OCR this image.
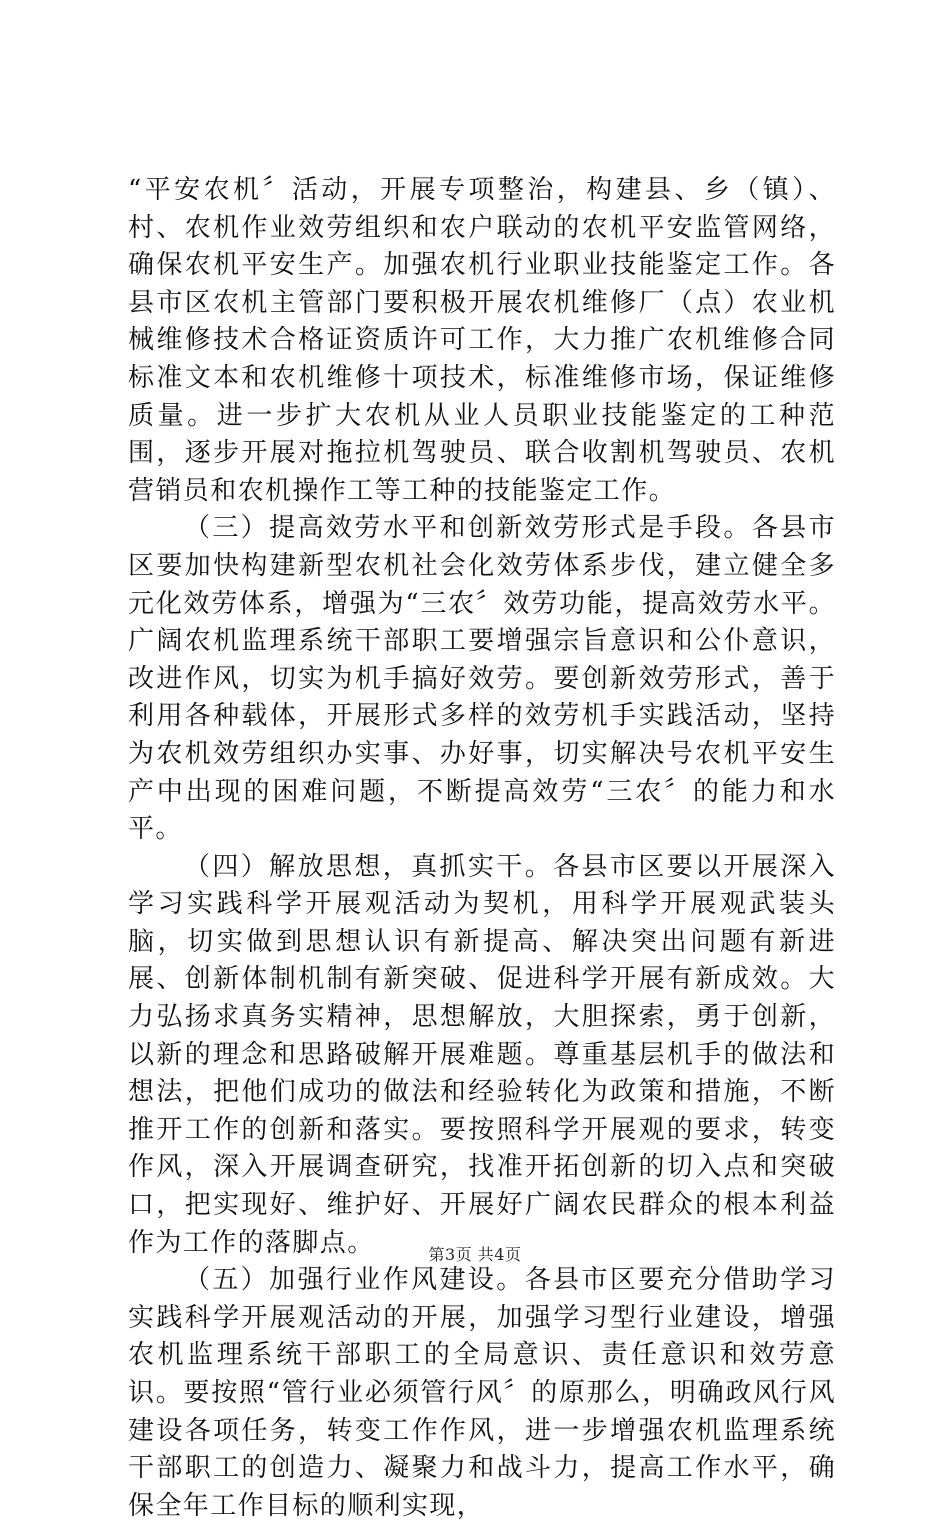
“平安农机〞活动，开展专项整治，构建县、乡（镇）、村、农机作业效劳组织和农户联动的农机平安监管网络，确保农机平安生产。加强农机行业职业技能鉴定工作。各县市区农机主管部门要积极开展农机维修厂（点）农业机械维修技术合格证资质许可工作，大力推广农机维修合同标准文本和农机维修十项技术，标准维修市场，保证维修质量。进一步扩大农机从业人员职业技能鉴定的工种范围，逐步开展对拖拉机驾驶员、联合收割机驾驶员、农机营销员和农机操作工等工种的技能鉴定工作。

（三）提高效劳水平和创新效劳形式是手段。各县市区要加快构建新型农机社会化效劳体系步伐，建立健全多元化效劳体系，增强为“三农〞效劳功能，提高效劳水平。广阔农机监理系统干部职工要增强宗旨意识和公仆意识，改进作风，切实为机手搞好效劳。要创新效劳形式，善于利用各种载体，开展形式多样的效劳机手实践活动，坚持为农机效劳组织办实事、办好事，切实解决号农机平安生产中出现的困难问题，不断提高效劳“三农〞的能力和水平。

（四）解放思想，真抓实干。各县市区要以开展深入学习实践科学开展观活动为契机，用科学开展观武装头脑，切实做到思想认识有新提高、解决突出问题有新进展、创新体制机制有新突破、促进科学开展有新成效。大力弘扬求真务实精神，思想解放，大胆探索，勇于创新，以新的理念和思路破解开展难题。尊重基层机手的做法和想法，把他们成功的做法和经验转化为政策和措施，不断推开工作的创新和落实。要按照科学开展观的要求，转变作风，深入开展调查研究，找准开拓创新的切入点和突破口，把实现好、维护好、开展好广阔农民群众的根本利益作为工作的落脚点。

（五）加强行业作风建设。各县市区要充分借助学习实践科学开展观活动的开展，加强学习型行业建设，增强农机监理系统干部职工的全局意识、责任意识和效劳意识。要按照“管行业必须管行风〞的原那么，明确政风行风建设各项任务，转变工作作风，进一步增强农机监理系统干部职工的创造力、凝聚力和战斗力，提高工作水平，确保全年工作目标的顺利实现，

第3页 共4页
